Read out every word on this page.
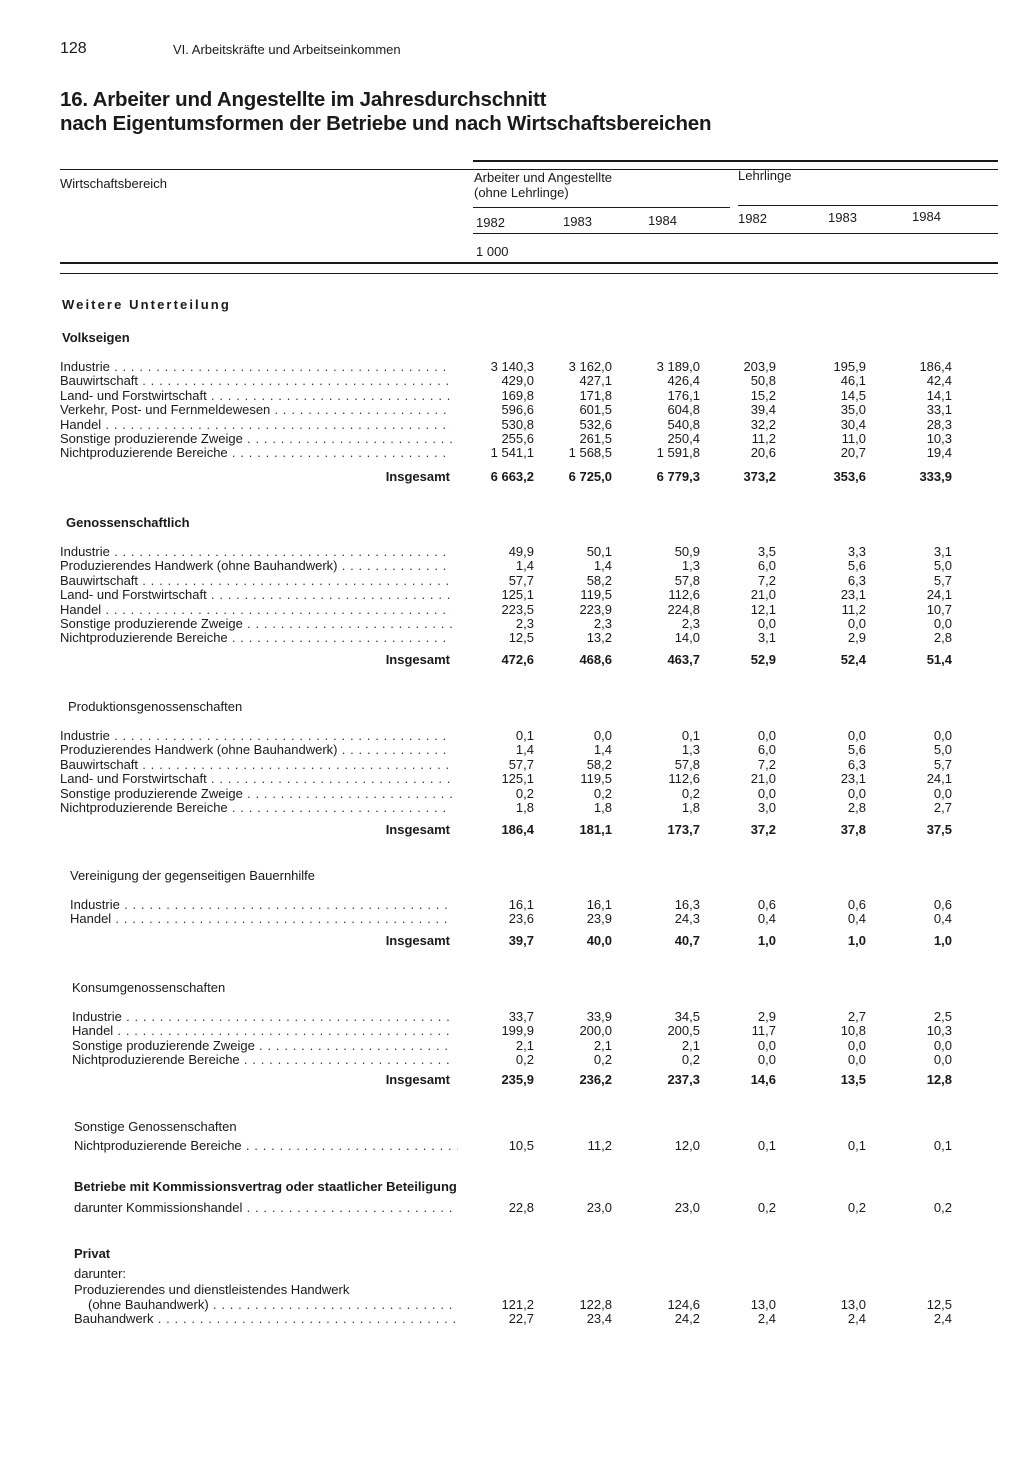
128	VI. Arbeitskräfte und Arbeitseinkommen
16. Arbeiter und Angestellte im Jahresdurchschnitt
nach Eigentumsformen der Betriebe und nach Wirtschaftsbereichen
Wirtschaftsbereich	Arbeiter und Angestellte
(ohne Lehrlinge)
Lehrlinge
1982	1983	1984	1982	1983	1984
1 000
Weitere Unterteilung
Volkseigen
Industrie . . .	3 140,3	3 162,0	3 189,0	203,9	195,9	186,4
Bauwirtschaft . . .	429,0	427,1	426,4	50,8	46,1	42,4
Land- und Forstwirtschaft . . .	169,8	171,8	176,1	15,2	14,5	14,1
Verkehr, Post- und Fernmeldewesen . . .	596,6	601,5	604,8	39,4	35,0	33,1
Handel . . .	530,8	532,6	540,8	32,2	30,4	28,3
Sonstige produzierende Zweige . . .	255,6	261,5	250,4	11,2	11,0	10,3
Nichtproduzierende Bereiche . . .	1 541,1	1 568,5	1 591,8	20,6	20,7	19,4
Insgesamt	6 663,2	6 725,0	6 779,3	373,2	353,6	333,9
Genossenschaftlich
Industrie . . .	49,9	50,1	50,9	3,5	3,3	3,1
Produzierendes Handwerk (ohne Bauhandwerk) . . .	1,4	1,4	1,3	6,0	5,6	5,0
Bauwirtschaft . . .	57,7	58,2	57,8	7,2	6,3	5,7
Land- und Forstwirtschaft . . .	125,1	119,5	112,6	21,0	23,1	24,1
Handel . . .	223,5	223,9	224,8	12,1	11,2	10,7
Sonstige produzierende Zweige . . .	2,3	2,3	2,3	0,0	0,0	0,0
Nichtproduzierende Bereiche . . .	12,5	13,2	14,0	3,1	2,9	2,8
Insgesamt	472,6	468,6	463,7	52,9	52,4	51,4
Produktionsgenossenschaften
Industrie . . .	0,1	0,0	0,1	0,0	0,0	0,0
Produzierendes Handwerk (ohne Bauhandwerk) . . .	1,4	1,4	1,3	6,0	5,6	5,0
Bauwirtschaft . . .	57,7	58,2	57,8	7,2	6,3	5,7
Land- und Forstwirtschaft . . .	125,1	119,5	112,6	21,0	23,1	24,1
Sonstige produzierende Zweige . . .	0,2	0,2	0,2	0,0	0,0	0,0
Nichtproduzierende Bereiche . . .	1,8	1,8	1,8	3,0	2,8	2,7
Insgesamt	186,4	181,1	173,7	37,2	37,8	37,5
Vereinigung der gegenseitigen Bauernhilfe
Industrie . . .	16,1	16,1	16,3	0,6	0,6	0,6
Handel . . .	23,6	23,9	24,3	0,4	0,4	0,4
Insgesamt	39,7	40,0	40,7	1,0	1,0	1,0
Konsumgenossenschaften
Industrie . . .	33,7	33,9	34,5	2,9	2,7	2,5
Handel . . .	199,9	200,0	200,5	11,7	10,8	10,3
Sonstige produzierende Zweige . . .	2,1	2,1	2,1	0,0	0,0	0,0
Nichtproduzierende Bereiche . . .	0,2	0,2	0,2	0,0	0,0	0,0
Insgesamt	235,9	236,2	237,3	14,6	13,5	12,8
Sonstige Genossenschaften
Nichtproduzierende Bereiche . . .	10,5	11,2	12,0	0,1	0,1	0,1
Betriebe mit Kommissionsvertrag oder staatlicher Beteiligung
darunter Kommissionshandel . . .	22,8	23,0	23,0	0,2	0,2	0,2
Privat
darunter:
Produzierendes und dienstleistendes Handwerk
(ohne Bauhandwerk) . . .	121,2	122,8	124,6	13,0	13,0	12,5
Bauhandwerk . . .	22,7	23,4	24,2	2,4	2,4	2,4
